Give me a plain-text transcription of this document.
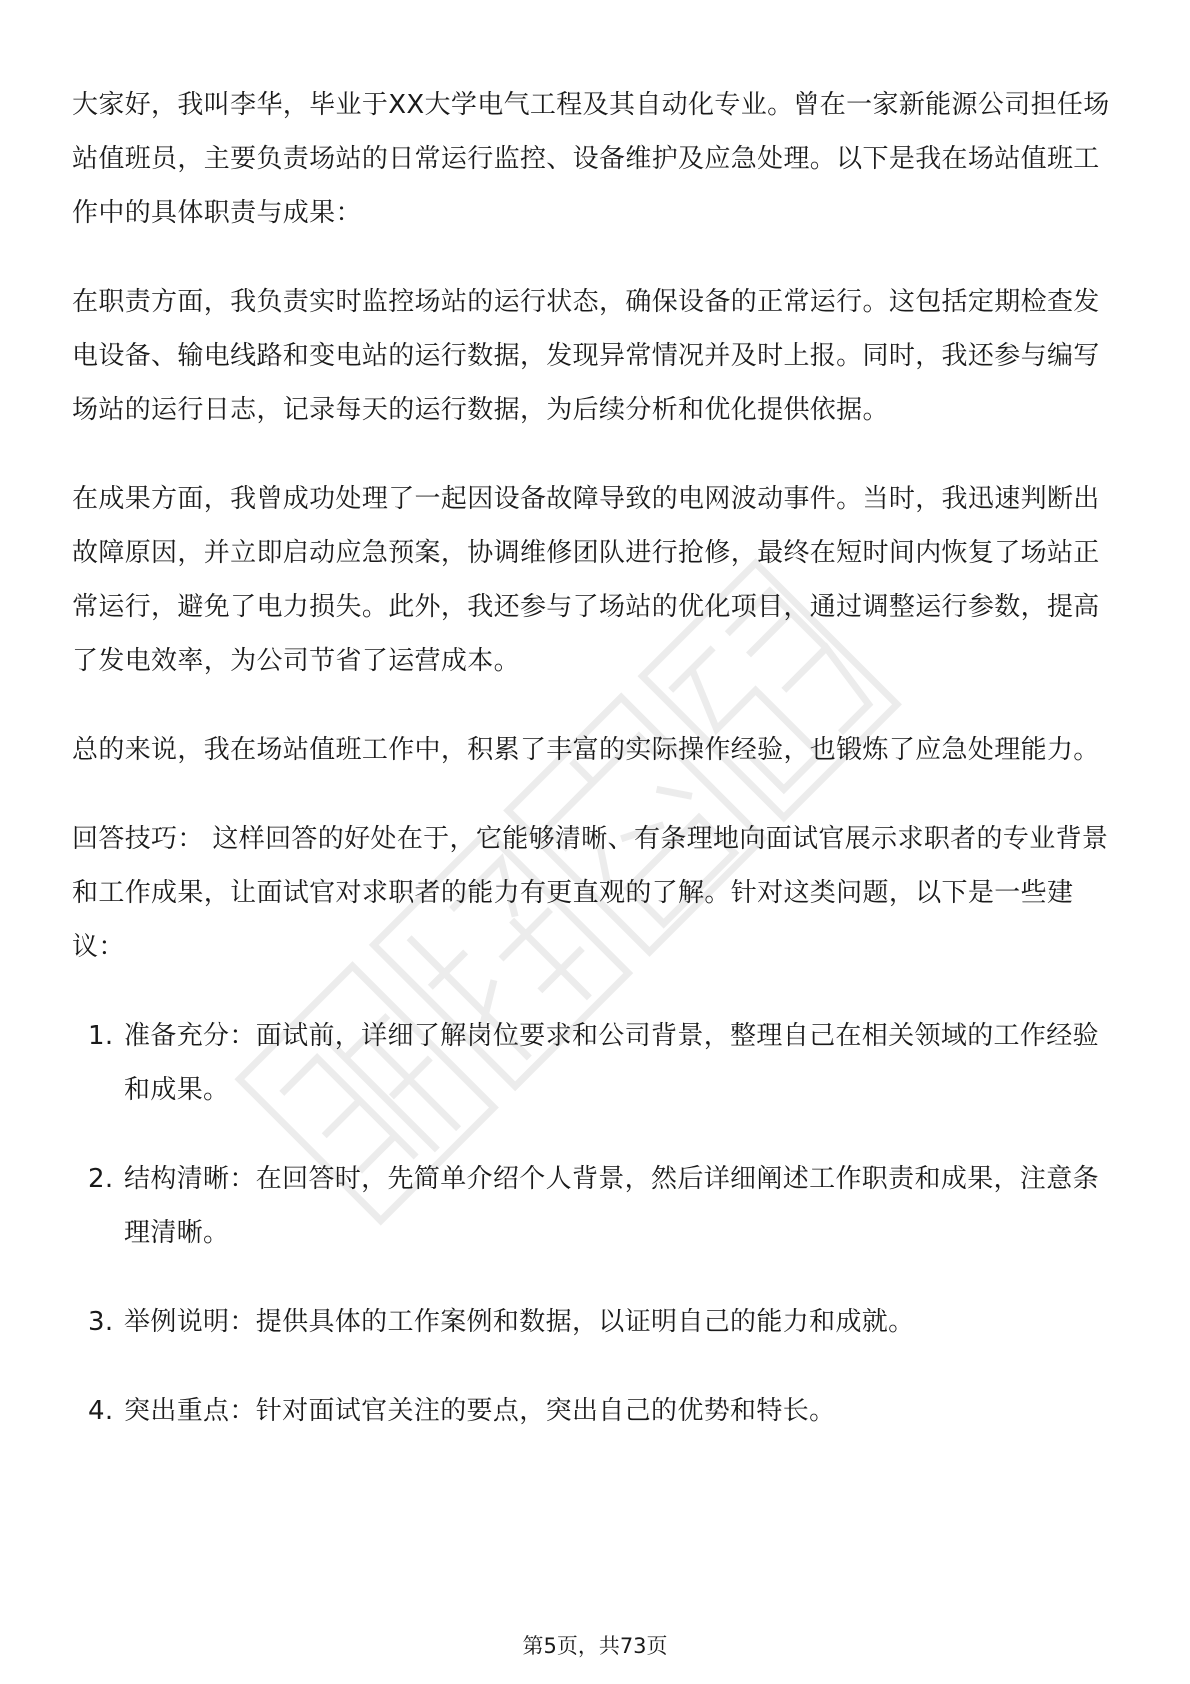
大家好，我叫李华，毕业于XX大学电气工程及其自动化专业。曾在一家新能源公司担任场站值班员，主要负责场站的日常运行监控、设备维护及应急处理。以下是我在场站值班工作中的具体职责与成果：

在职责方面，我负责实时监控场站的运行状态，确保设备的正常运行。这包括定期检查发电设备、输电线路和变电站的运行数据，发现异常情况并及时上报。同时，我还参与编写场站的运行日志，记录每天的运行数据，为后续分析和优化提供依据。

在成果方面，我曾成功处理了一起因设备故障导致的电网波动事件。当时，我迅速判断出故障原因，并立即启动应急预案，协调维修团队进行抢修，最终在短时间内恢复了场站正常运行，避免了电力损失。此外，我还参与了场站的优化项目，通过调整运行参数，提高了发电效率，为公司节省了运营成本。

总的来说，我在场站值班工作中，积累了丰富的实际操作经验，也锻炼了应急处理能力。

回答技巧： 这样回答的好处在于，它能够清晰、有条理地向面试官展示求职者的专业背景和工作成果，让面试官对求职者的能力有更直观的了解。针对这类问题，以下是一些建议：

1. 准备充分：面试前，详细了解岗位要求和公司背景，整理自己在相关领域的工作经验和成果。
2. 结构清晰：在回答时，先简单介绍个人背景，然后详细阐述工作职责和成果，注意条理清晰。
3. 举例说明：提供具体的工作案例和数据，以证明自己的能力和成就。
4. 突出重点：针对面试官关注的要点，突出自己的优势和特长。
第5页，共73页
